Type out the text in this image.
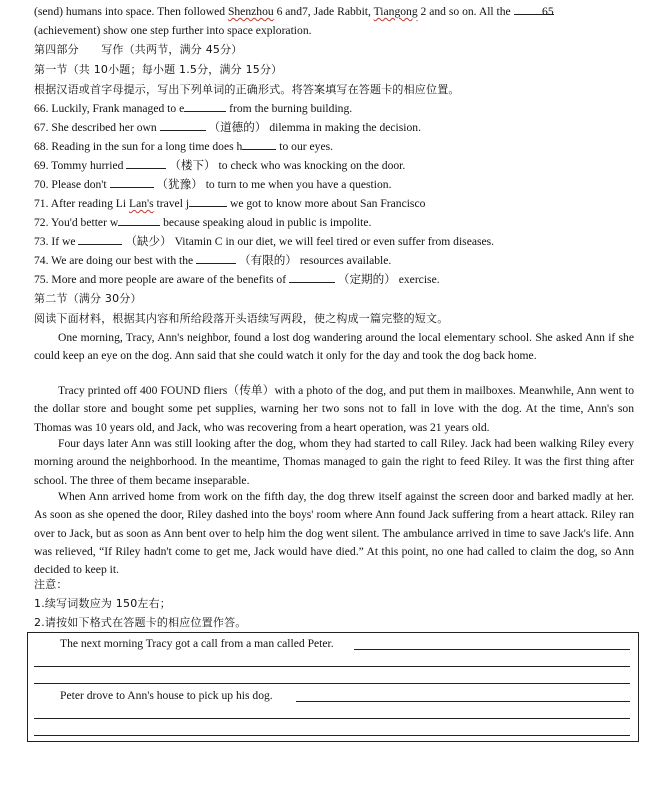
(send) humans into space. Then followed Shenzhou 6 and7, Jade Rabbit, Tiangong 2 and so on. All the 65
(achievement) show one step further into space exploration.
第四部分　　写作（共两节，满分 45分）
第一节（共 10小题；每小题 1.5分，满分 15分）
根据汉语或首字母提示，写出下列单词的正确形式。将答案填写在答题卡的相应位置。
66. Luckily, Frank managed to e	from the burning building.
67. She described her own	（道德的） dilemma in making the decision.
68. Reading in the sun for a long time does h	to our eyes.
69. Tommy hurried	（楼下） to check who was knocking on the door.
70. Please don't	（犹豫） to turn to me when you have a question.
71. After reading Li Lan's travel j	we got to know more about San Francisco
72. You'd better w	because speaking aloud in public is impolite.
73. If we	（缺少） Vitamin C in our diet, we will feel tired or even suffer from diseases.
74. We are doing our best with the	（有限的） resources available.
75. More and more people are aware of the benefits of	（定期的） exercise.
第二节（满分 30分）
阅读下面材料，根据其内容和所给段落开头语续写两段，使之构成一篇完整的短文。
One morning, Tracy, Ann's neighbor, found a lost dog wandering around the local elementary school. She asked Ann if she could keep an eye on the dog. Ann said that she could watch it only for the day and took the dog back home.
Tracy printed off 400 FOUND fliers（传单）with a photo of the dog, and put them in mailboxes. Meanwhile, Ann went to the dollar store and bought some pet supplies, warning her two sons not to fall in love with the dog. At the time, Ann's son Thomas was 10 years old, and Jack, who was recovering from a heart operation, was 21 years old.
Four days later Ann was still looking after the dog, whom they had started to call Riley. Jack had been walking Riley every morning around the neighborhood. In the meantime, Thomas managed to gain the right to feed Riley. It was the first thing after school. The three of them became inseparable.
When Ann arrived home from work on the fifth day, the dog threw itself against the screen door and barked madly at her. As soon as she opened the door, Riley dashed into the boys' room where Ann found Jack suffering from a heart attack. Riley ran over to Jack, but as soon as Ann bent over to help him the dog went silent. The ambulance arrived in time to save Jack's life. Ann was relieved, “If Riley hadn't come to get me, Jack would have died.” At this point, no one had called to claim the dog, so Ann decided to keep it.
注意：
1.续写词数应为 150左右；
2.请按如下格式在答题卡的相应位置作答。
The next morning Tracy got a call from a man called Peter.
Peter drove to Ann's house to pick up his dog.
